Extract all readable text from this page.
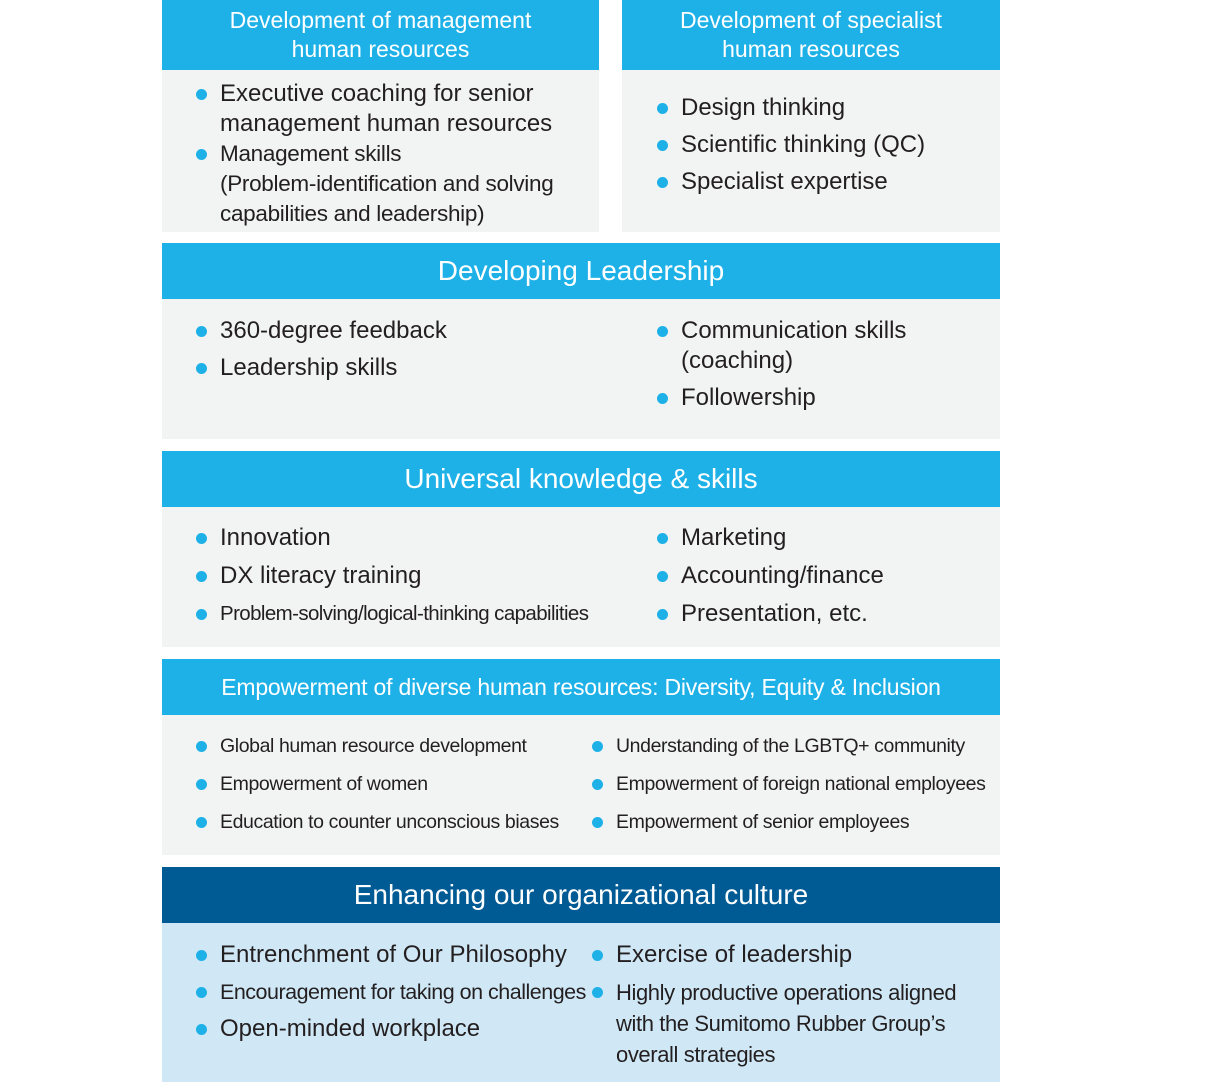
Development of management
human resources
Executive coaching for senior
management human resources
Management skills
(Problem-identification and solving
capabilities and leadership)
Development of specialist
human resources
Design thinking
Scientific thinking (QC)
Specialist expertise
Developing Leadership
360-degree feedback
Leadership skills
Communication skills
(coaching)
Followership
Universal knowledge & skills
Innovation
DX literacy training
Problem-solving/logical-thinking capabilities
Marketing
Accounting/finance
Presentation, etc.
Empowerment of diverse human resources: Diversity, Equity & Inclusion
Global human resource development
Empowerment of women
Education to counter unconscious biases
Understanding of the LGBTQ+ community
Empowerment of foreign national employees
Empowerment of senior employees
Enhancing our organizational culture
Entrenchment of Our Philosophy
Encouragement for taking on challenges
Open-minded workplace
Exercise of leadership
Highly productive operations aligned
with the Sumitomo Rubber Group’s
overall strategies
